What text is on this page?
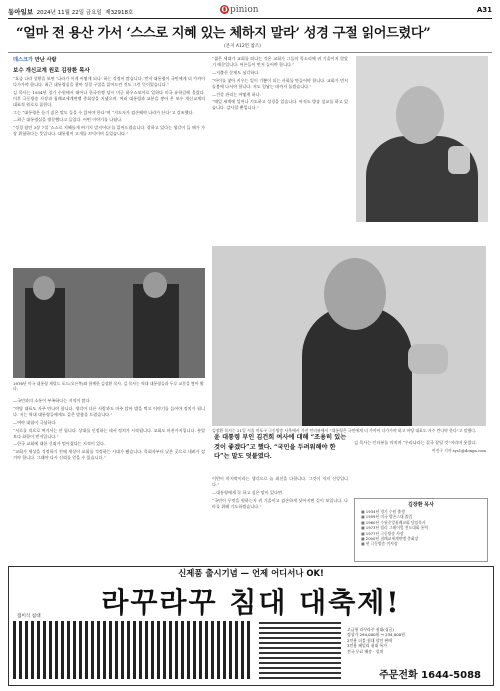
동아일보 2024년 11월 22일 금요일 제32918호	O pinion	A31
“얼마 전 용산 가서 ‘스스로 지혜 있는 체하지 말라’ 성경 구절 읽어드렸다”
(본지 A12면 참조)
데스크가 만난 사람
보수 개신교계 원로 김장환 목사

“요즘 나라 상황을 보면 ‘나라가 이게 어떻게 되나’ 하는 걱정이 많습니다. 먼저 대통령이 국민에게 더 가까이 다가가야 합니다. 최근 대통령실을 찾아 성경 구절을 읽어드린 것도 그런 뜻이었습니다.”

김 목사는 1934년 경기 수원에서 태어나 한국전쟁 당시 미군 하우스보이로 일하다 미국 유학길에 올랐다. 이후 극동방송 사장과 침례교세계연맹 총회장을 지냈으며, 여러 대통령과 교분을 쌓아 온 보수 개신교계의 대표적 원로로 꼽힌다.

그는 “대통령은 듣기 싫은 말도 들을 수 있어야 한다”며 “지도자가 겸손해야 나라가 산다”고 강조했다.

—최근 대통령실을 방문했다고 들었다. 어떤 이야기를 나눴나.

“성경 잠언 3장 7절 ‘스스로 지혜롭게 여기지 말지어다’를 읽어드렸습니다. 잘하고 있다는 생각이 들 때가 가장 위험하다는 뜻입니다. 대통령이 고개를 끄덕이며 들었습니다.”

1976년 미국 대통령 제럴드 포드(오른쪽)와 함께한 김장환 목사. 김 목사는 역대 대통령들과 두루 교분을 쌓아 왔다.

—국민과의 소통이 부족하다는 지적이 많다.

“야당 대표도 자주 만나야 합니다. 생각이 다른 사람과도 마주 앉아 밥을 먹고 이야기를 들어야 정치가 됩니다. 저는 역대 대통령들에게도 같은 말씀을 드렸습니다.”

—여야 대립이 극심하다.

“서로를 적으로 여겨서는 안 됩니다. 상대를 인정하는 데서 정치가 시작됩니다. 교회도 마찬가지입니다. 분열보다 화합이 먼저입니다.”

—한국 교회에 대한 신뢰가 떨어졌다는 지적이 있다.

“교회가 세상을 걱정하기 전에 세상이 교회를 걱정하는 시대가 됐습니다. 목회자부터 낮은 곳으로 내려가 섬겨야 합니다. 그래야 다시 신뢰를 얻을 수 있습니다.”

“젊은 세대가 교회를 떠나는 것은 교회가 그들의 목소리에 귀 기울이지 않았기 때문입니다. 어른들이 먼저 들어야 합니다.”

—저출산 문제도 심각하다.

“아이를 낳아 키우는 일이 기쁨이 되는 사회를 만들어야 합니다. 교회가 먼저 돌봄에 나서야 합니다. 저도 힘닿는 데까지 돕겠습니다.”

—건강 관리는 어떻게 하나.

“매일 새벽에 일어나 기도하고 성경을 읽습니다. 아직도 방송 설교를 하고 있습니다. 감사할 뿐입니다.”

김장환 목사는 21일 서울 마포구 극동방송 사옥에서 가진 인터뷰에서 “대통령은 국민에게 더 가까이 다가가야 하고 야당 대표도 자주 만나야 한다”고 말했다.
윤 대통령 부인 김건희 여사에 대해 “조용히 있는 것이 좋겠다”고 했다. “국민을 두려워해야 한다”는 말도 덧붙였다.

이번이 마지막이라는 생각으로 늘 최선을 다합니다. 그것이 저의 신앙입니다.”

—대통령에게 꼭 하고 싶은 말이 있다면.

“국민이 무엇을 원하는지 귀 기울이고 겸손하게 낮아지면 길이 보입니다. 나라를 위해 기도하겠습니다.”

김 목사는 인터뷰를 마치며 “우리나라는 결국 잘될 것”이라며 웃었다.

이진구 기자 sys1@donga.com

김장환 목사
■ 1934년 경기 수원 출생
■ 1959년 미국 밥존스대 졸업
■ 1960년 수원중앙침례교회 담임목사
■ 1973년 빌리 그레이엄 전도대회 통역
■ 1977년 극동방송 사장
■ 2000년 침례교세계연맹 총회장
■ 현 극동방송 이사장
신제품 출시기념 — 언제 어디서나 OK!
라꾸라꾸 침대 대축제!
접이식 침대
고급형 라꾸라꾸 침대(싱글)
정상가 294,000원 → 234,000원
2인용 더블 침대 할인 판매
3인용 패밀리 침대 특가
전국 무료 배송 · 설치
주문전화 1644-5088
